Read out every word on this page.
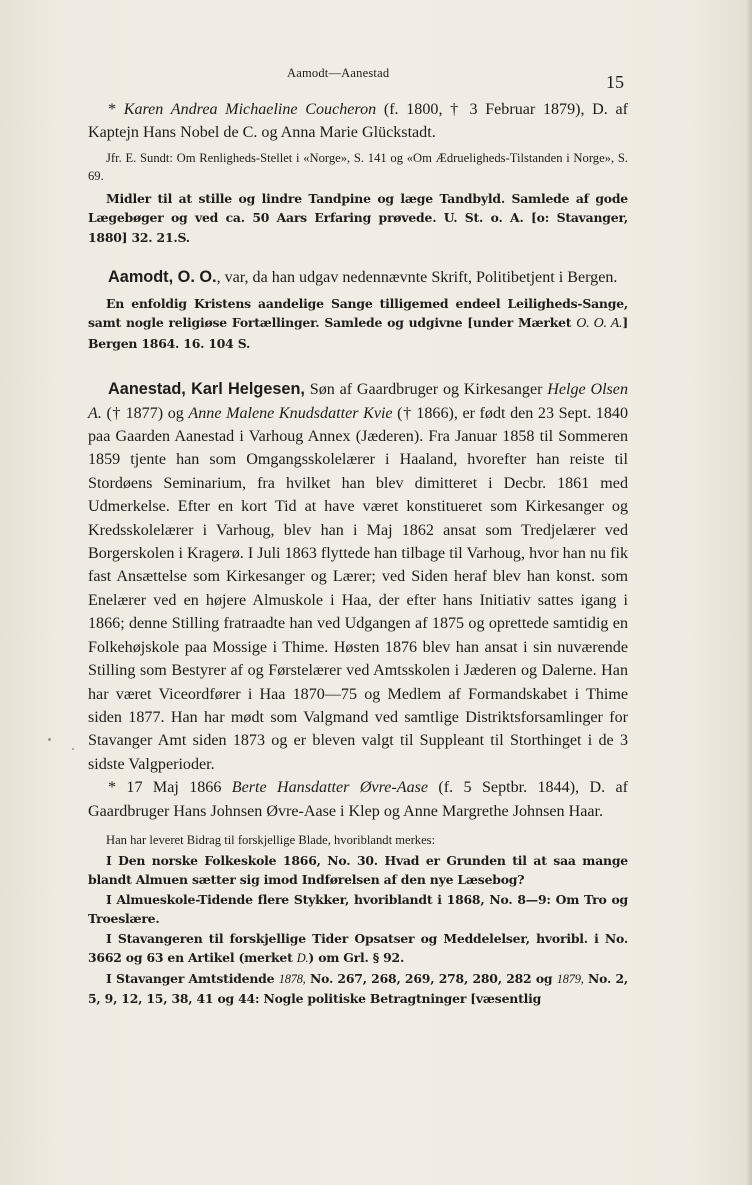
Aamodt—Aanestad	15

* Karen Andrea Michaeline Coucheron (f. 1800, † 3 Februar 1879), D. af Kaptejn Hans Nobel de C. og Anna Marie Glückstadt.

Jfr. E. Sundt: Om Renligheds-Stellet i «Norge», S. 141 og «Om Ædrueligheds-Tilstanden i Norge», S. 69.

Midler til at stille og lindre Tandpine og læge Tandbyld. Samlede af gode Lægebøger og ved ca. 50 Aars Erfaring prøvede. U. St. o. A. [o: Stavanger, 1880] 32. 21.S.

Aamodt, O. O., var, da han udgav nedennævnte Skrift, Politibetjent i Bergen.

En enfoldig Kristens aandelige Sange tilligemed endeel Leiligheds-Sange, samt nogle religiøse Fortællinger. Samlede og udgivne [under Mærket O. O. A.] Bergen 1864. 16. 104 S.

Aanestad, Karl Helgesen, Søn af Gaardbruger og Kirkesanger Helge Olsen A. († 1877) og Anne Malene Knudsdatter Kvie († 1866), er født den 23 Sept. 1840 paa Gaarden Aanestad i Varhoug Annex (Jæderen). Fra Januar 1858 til Sommeren 1859 tjente han som Omgangsskolelærer i Haaland, hvorefter han reiste til Stordøens Seminarium, fra hvilket han blev dimitteret i Decbr. 1861 med Udmerkelse. Efter en kort Tid at have været konstitueret som Kirkesanger og Kredsskolelærer i Varhoug, blev han i Maj 1862 ansat som Tredjelærer ved Borgerskolen i Kragerø. I Juli 1863 flyttede han tilbage til Varhoug, hvor han nu fik fast Ansættelse som Kirkesanger og Lærer; ved Siden heraf blev han konst. som Enelærer ved en højere Almuskole i Haa, der efter hans Initiativ sattes igang i 1866; denne Stilling fratraadte han ved Udgangen af 1875 og oprettede samtidig en Folkehøjskole paa Mossige i Thime. Høsten 1876 blev han ansat i sin nuværende Stilling som Bestyrer af og Førstelærer ved Amtsskolen i Jæderen og Dalerne. Han har været Viceordfører i Haa 1870—75 og Medlem af Formandskabet i Thime siden 1877. Han har mødt som Valgmand ved samtlige Distriktsforsamlinger for Stavanger Amt siden 1873 og er bleven valgt til Suppleant til Storthinget i de 3 sidste Valgperioder.

* 17 Maj 1866 Berte Hansdatter Øvre-Aase (f. 5 Septbr. 1844), D. af Gaardbruger Hans Johnsen Øvre-Aase i Klep og Anne Margrethe Johnsen Haar.

Han har leveret Bidrag til forskjellige Blade, hvoriblandt merkes:

I Den norske Folkeskole 1866, No. 30. Hvad er Grunden til at saa mange blandt Almuen sætter sig imod Indførelsen af den nye Læsebog?

I Almueskole-Tidende flere Stykker, hvoriblandt i 1868, No. 8—9: Om Tro og Troeslære.

I Stavangeren til forskjellige Tider Opsatser og Meddelelser, hvoribl. i No. 3662 og 63 en Artikel (merket D.) om Grl. § 92.

I Stavanger Amtstidende 1878, No. 267, 268, 269, 278, 280, 282 og 1879, No. 2, 5, 9, 12, 15, 38, 41 og 44: Nogle politiske Betragtninger [væsentlig
